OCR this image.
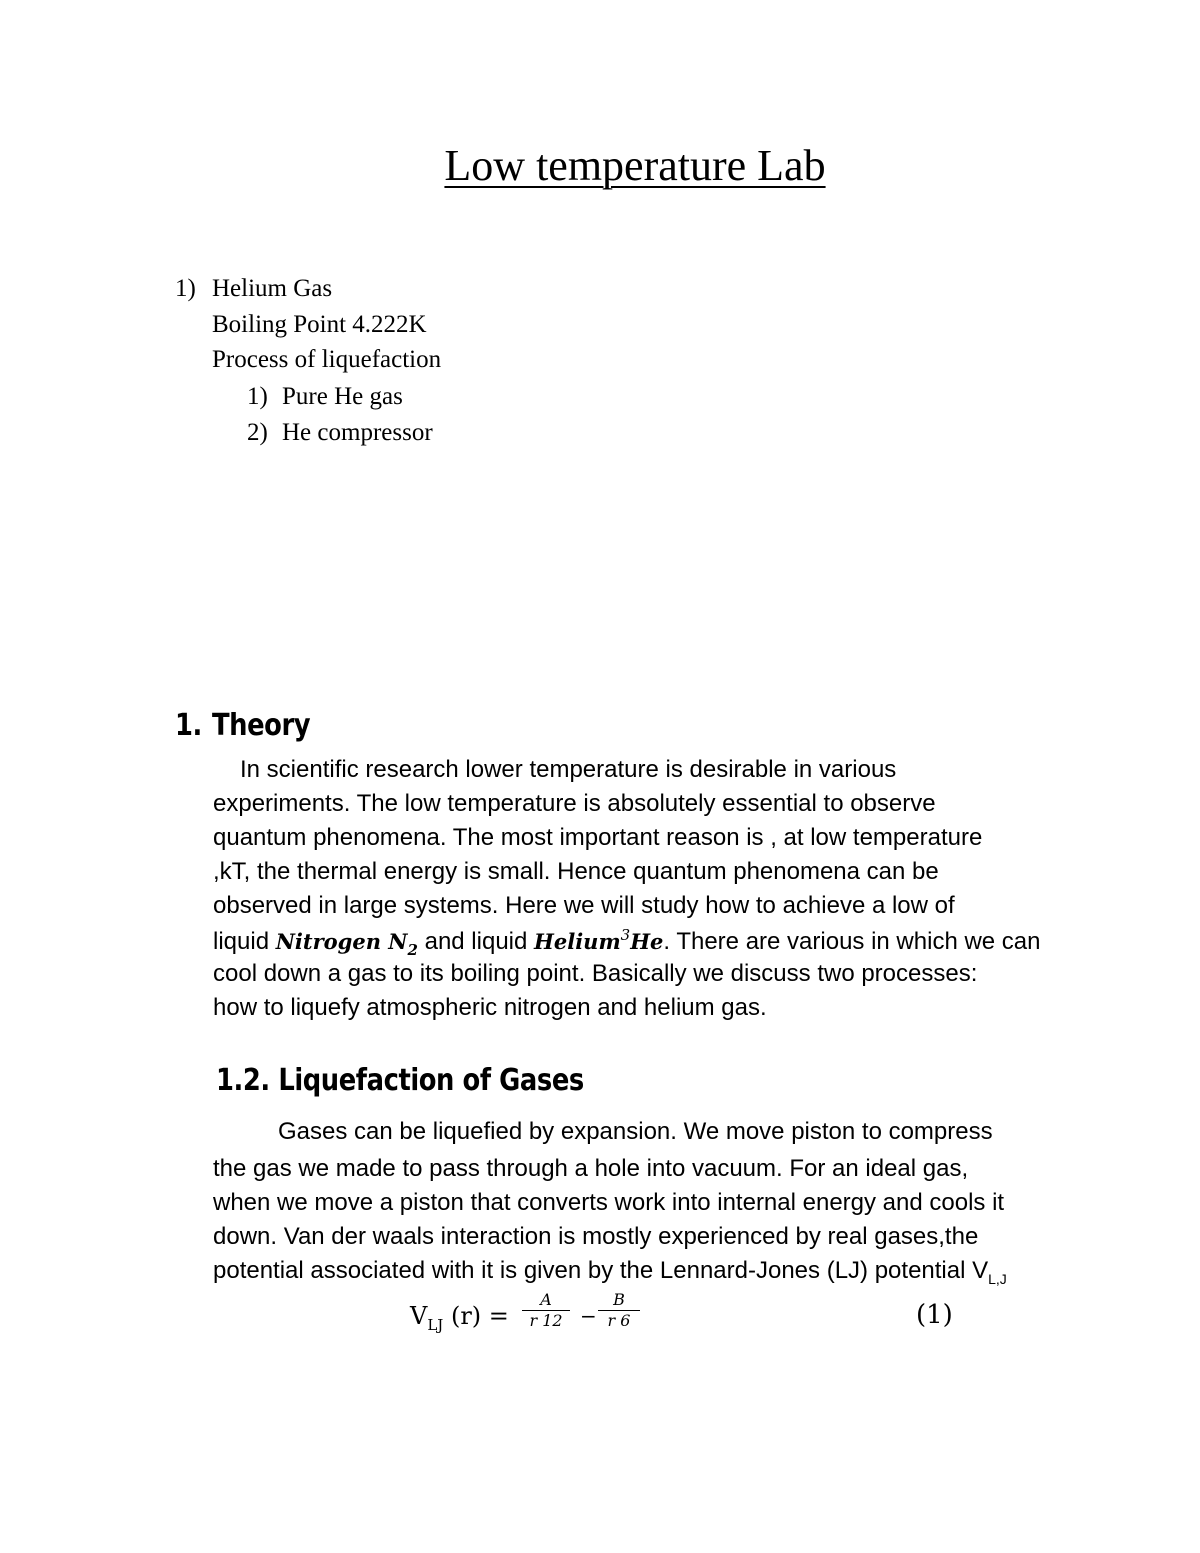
Low temperature Lab
1) Helium Gas
Boiling Point 4.222K
Process of liquefaction
1) Pure He gas
2) He compressor
1. Theory
In scientific research lower temperature is desirable in various
experiments. The low temperature is absolutely essential to observe
quantum phenomena. The most important reason is , at low temperature
,kT, the thermal energy is small. Hence quantum phenomena can be
observed in large systems. Here we will study how to achieve a low of
liquid Nitrogen $N_2$ and liquid Helium$^3$He. There are various in which we can
cool down a gas to its boiling point. Basically we discuss two processes:
how to liquefy atmospheric nitrogen and helium gas.
1.2. Liquefaction of Gases
Gases can be liquefied by expansion. We move piston to compress
the gas we made to pass through a hole into vacuum. For an ideal gas,
when we move a piston that converts work into internal energy and cools it
down. Van der waals interaction is mostly experienced by real gases,the
potential associated with it is given by the Lennard-Jones (LJ) potential $V_{L,J}$
$V_{LJ}$ (r) =
A
r 12 −
B
r 6	(1)
